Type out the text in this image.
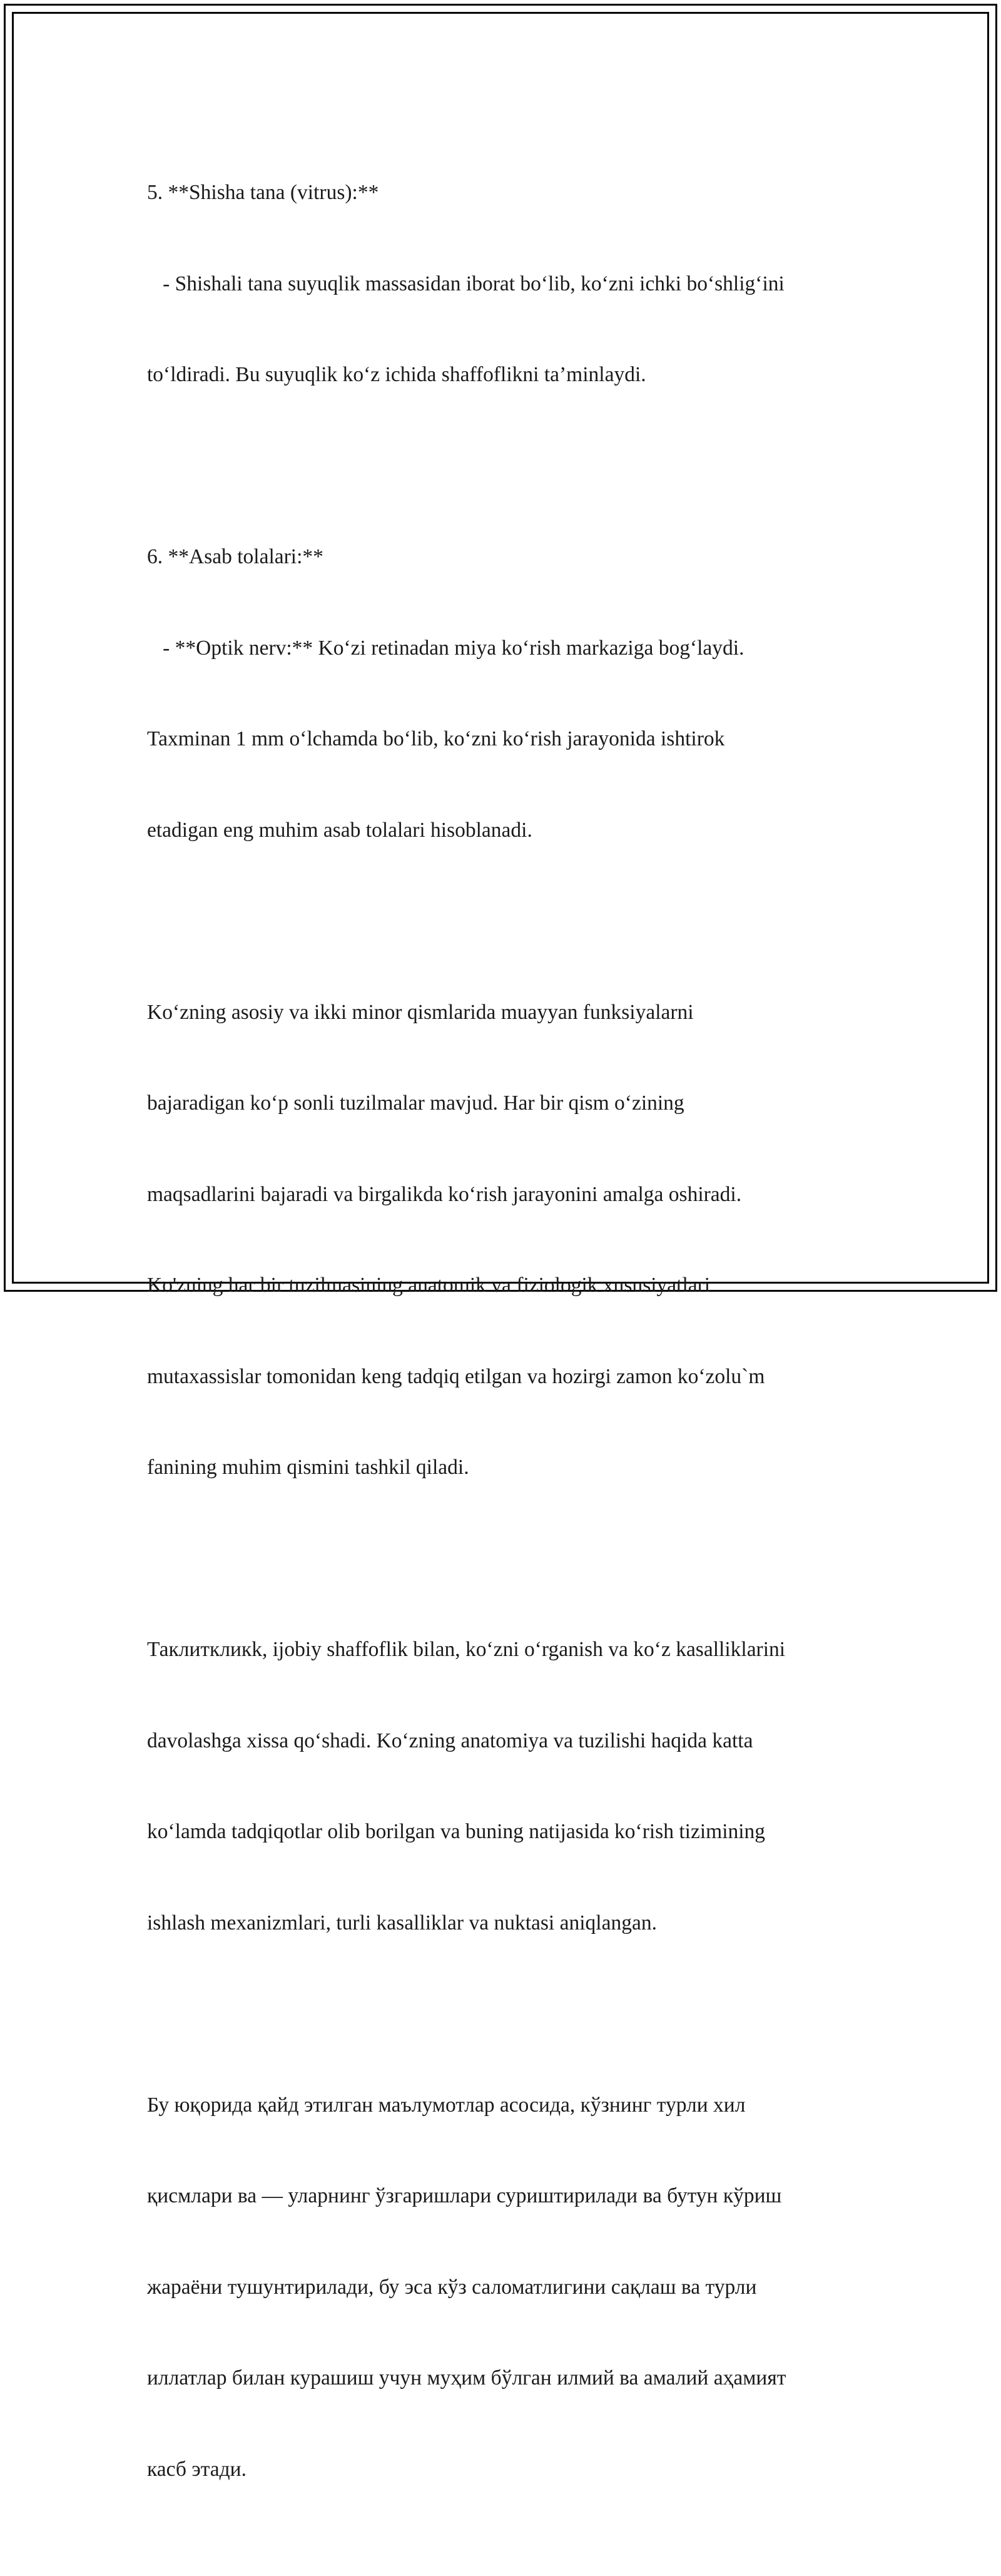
5. **Shisha tana (vitrus):**

- Shishali tana suyuqlik massasidan iborat bo‘lib, ko‘zni ichki bo‘shlig‘ini

to‘ldiradi. Bu suyuqlik ko‘z ichida shaffoflikni ta’minlaydi.

6. **Asab tolalari:**

- **Optik nerv:** Ko‘zi retinadan miya ko‘rish markaziga bog‘laydi.

Taxminan 1 mm o‘lchamda bo‘lib, ko‘zni ko‘rish jarayonida ishtirok

etadigan eng muhim asab tolalari hisoblanadi.

Ko‘zning asosiy va ikki minor qismlarida muayyan funksiyalarni

bajaradigan ko‘p sonli tuzilmalar mavjud. Har bir qism o‘zining

maqsadlarini bajaradi va birgalikda ko‘rish jarayonini amalga oshiradi.

Ko'zning har bir tuzilmasining anatomik va fiziologik xususiyatlari

mutaxassislar tomonidan keng tadqiq etilgan va hozirgi zamon ko‘zolu`m

fanining muhim qismini tashkil qiladi.

Таклиткликk, ijobiy shaffoflik bilan, ko‘zni o‘rganish va ko‘z kasalliklarini

davolashga xissa qo‘shadi. Ko‘zning anatomiya va tuzilishi haqida katta

ko‘lamda tadqiqotlar olib borilgan va buning natijasida ko‘rish tizimining

ishlash mexanizmlari, turli kasalliklar va nuktasi aniqlangan.

Бу юқорида қайд этилган маълумотлар асосида, кўзнинг турли хил

қисмлари ва — уларнинг ўзгаришлари суриштирилади ва бутун кўриш

жараёни тушунтирилади, бу эса кўз саломатлигини сақлаш ва турли

иллатлар билан курашиш учун муҳим бўлган илмий ва амалий аҳамият

касб этади.
